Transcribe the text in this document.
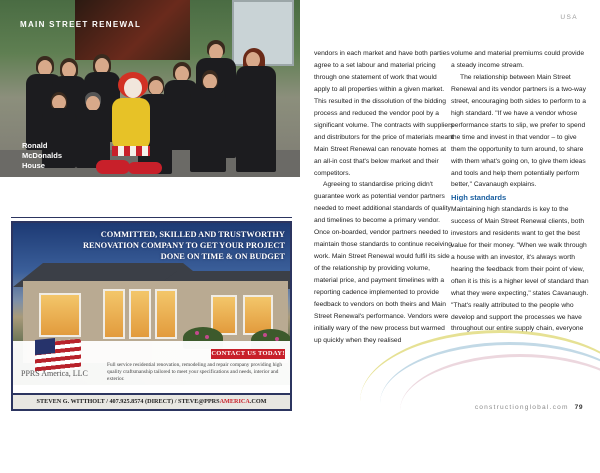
MAIN STREET RENEWAL
Ronald
McDonalds
House
USA
COMMITTED, SKILLED AND TRUSTWORTHY
RENOVATION COMPANY TO GET YOUR PROJECT
DONE ON TIME & ON BUDGET
CONTACT US TODAY!
PPRS America, LLC
Full service residential renovation, remodeling and repair company providing high quality craftsmanship tailored to meet your specifications and needs, interior and exterior.
STEVEN G. WITTHOLT / 407.925.8574 (DIRECT) / STEVE@PPRSAMERICA.COM

vendors in each market and have both parties agree to a set labour and material pricing through one statement of work that would apply to all properties within a given market. This resulted in the dissolution of the bidding process and reduced the vendor pool by a significant volume. The contracts with suppliers and distributors for the price of materials meant Main Street Renewal can renovate homes at an all-in cost that's below market and their competitors.

Agreeing to standardise pricing didn't guarantee work as potential vendor partners needed to meet additional standards of quality and timelines to become a primary vendor. Once on-boarded, vendor partners needed to maintain those standards to continue receiving work. Main Street Renewal would fulfil its side of the relationship by providing volume, material price, and payment timelines with a reporting cadence implemented to provide feedback to vendors on both theirs and Main Street Renewal's performance. Vendors were initially wary of the new process but warmed up quickly when they realised

volume and material premiums could provide a steady income stream.

The relationship between Main Street Renewal and its vendor partners is a two-way street, encouraging both sides to perform to a high standard. "If we have a vendor whose performance starts to slip, we prefer to spend the time and invest in that vendor – to give them the opportunity to turn around, to share with them what's going on, to give them ideas and tools and help them potentially perform better," Cavanaugh explains.

High standards

Maintaining high standards is key to the success of Main Street Renewal clients, both investors and residents want to get the best value for their money. "When we walk through a house with an investor, it's always worth hearing the feedback from their point of view, often it is this is a higher level of standard than what they were expecting," states Cavanaugh. "That's really attributed to the people who develop and support the processes we have throughout our entire supply chain, everyone

constructionglobal.com 79
